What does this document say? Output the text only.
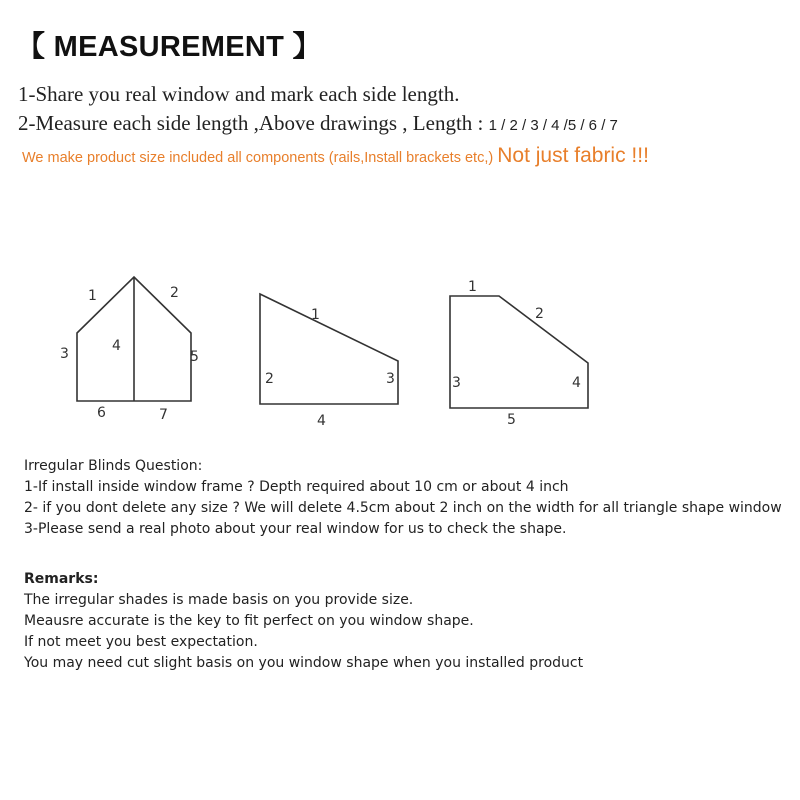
【 MEASUREMENT 】
1-Share you real window and mark each side length.
2-Measure each side length ,Above drawings , Length : 1 / 2 / 3 / 4 /5 / 6 / 7
We make product size included all components (rails,Install brackets etc,) Not just fabric !!!
1	2
3	4
5
6	7
1
2	3
4
1
2
3	4
5
Irregular Blinds Question:
1-If install inside window frame ? Depth required about 10 cm or about 4 inch
2- if you dont delete any size ? We will delete 4.5cm about 2 inch on the width for all triangle shape window
3-Please send a real photo about your real window for us to check the shape.
Remarks:
The irregular shades is made basis on you provide size.
Meausre accurate is the key to fit perfect on you window shape.
If not meet you best expectation.
You may need cut slight basis on you window shape when you installed product
